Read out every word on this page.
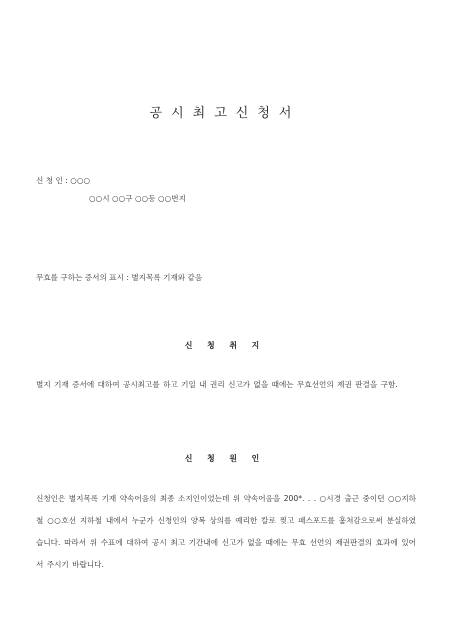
공시최고신청서
신 청 인 : ○○○
○○시 ○○구 ○○동 ○○번지
무효를 구하는 증서의 표시 : 별지목록 기재와 같음
신 청 취 지
별지 기재 증서에 대하여 공시최고를 하고 기일 내 권리 신고가 없을 때에는 무효선언의 제권 판결을 구함.
신 청 원 인
신청인은 별지목록 기재 약속어음의 최종 소지인이었는데 위 약속어음을 200*. . . ○시경 출근 중이던 ○○지하철 ○○호선 지하철 내에서 누군가 신청인의 양복 상의를 예리한 칼로 찢고 패스포드를 훔쳐감으로써 분실하였습니다. 따라서 위 수표에 대하여 공시 최고 기간내에 신고가 없을 때에는 무효 선언의 제권판결의 효과에 있어서 주시기 바랍니다.
